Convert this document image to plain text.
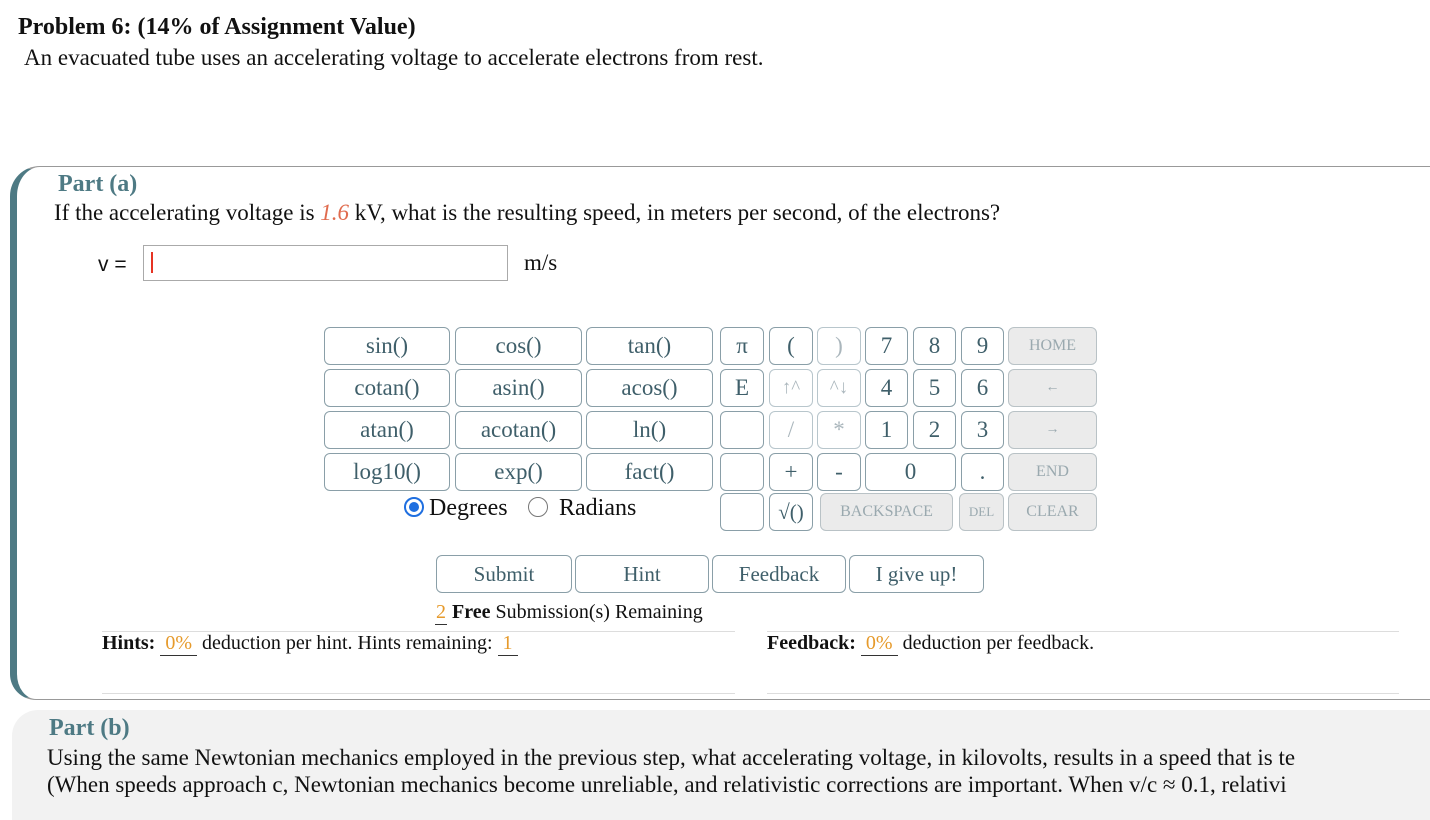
Problem 6: (14% of Assignment Value)
An evacuated tube uses an accelerating voltage to accelerate electrons from rest.
Part (a)
If the accelerating voltage is 1.6 kV, what is the resulting speed, in meters per second, of the electrons?
v =	m/s
sin()	cos()	tan()
cotan()	asin()	acos()
atan()	acotan()	ln()
log10()	exp()	fact()
π	(	)
E	↑^	^↓
/	*
+	-
√()
7	8	9
4	5	6
1	2	3
0	.
HOME
←
→
END
BACKSPACE	DEL	CLEAR
Degrees Radians
Submit	Hint	Feedback	I give up!
2 Free Submission(s) Remaining
Hints: 0% deduction per hint. Hints remaining: 1	Feedback: 0% deduction per feedback.
Part (b)
Using the same Newtonian mechanics employed in the previous step, what accelerating voltage, in kilovolts, results in a speed that is te
(When speeds approach c, Newtonian mechanics become unreliable, and relativistic corrections are important. When v/c ≈ 0.1, relativi
